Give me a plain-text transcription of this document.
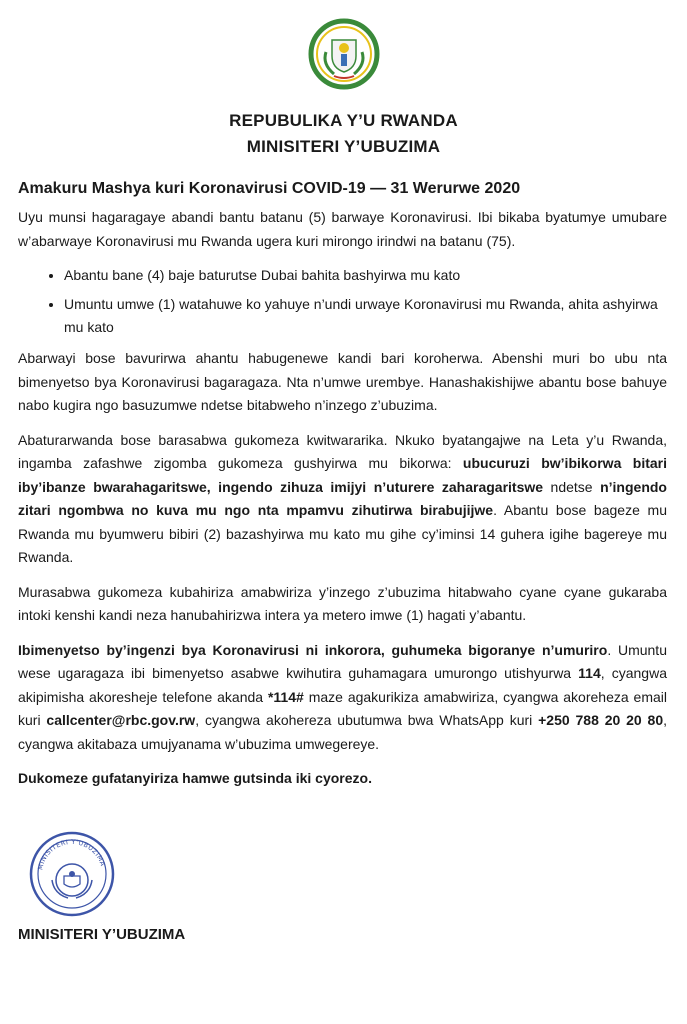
REPUBULIKA Y’U RWANDA
MINISITERI Y’UBUZIMA
Amakuru Mashya kuri Koronavirusi COVID-19 — 31 Werurwe 2020

Uyu munsi hagaragaye abandi bantu batanu (5) barwaye Koronavirusi. Ibi bikaba byatumye umubare w’abarwaye Koronavirusi mu Rwanda ugera kuri mirongo irindwi na batanu (75).

• Abantu bane (4) baje baturutse Dubai bahita bashyirwa mu kato
• Umuntu umwe (1) watahuwe ko yahuye n’undi urwaye Koronavirusi mu Rwanda, ahita ashyirwa mu kato

Abarwayi bose bavurirwa ahantu habugenewe kandi bari koroherwa. Abenshi muri bo ubu nta bimenyetso bya Koronavirusi bagaragaza. Nta n’umwe urembye. Hanashakishijwe abantu bose bahuye nabo kugira ngo basuzumwe ndetse bitabweho n’inzego z’ubuzima.

Abaturarwanda bose barasabwa gukomeza kwitwararika. Nkuko byatangajwe na Leta y’u Rwanda, ingamba zafashwe zigomba gukomeza gushyirwa mu bikorwa: ubucuruzi bw’ibikorwa bitari iby’ibanze bwarahagaritswe, ingendo zihuza imijyi n’uturere zaharagaritswe ndetse n’ingendo zitari ngombwa no kuva mu ngo nta mpamvu zihutirwa birabujijwe. Abantu bose bageze mu Rwanda mu byumweru bibiri (2) bazashyirwa mu kato mu gihe cy’iminsi 14 guhera igihe bagereye mu Rwanda.

Murasabwa gukomeza kubahiriza amabwiriza y’inzego z’ubuzima hitabwaho cyane cyane gukaraba intoki kenshi kandi neza hanubahirizwa intera ya metero imwe (1) hagati y’abantu.

Ibimenyetso by’ingenzi bya Koronavirusi ni inkorora, guhumeka bigoranye n’umuriro. Umuntu wese ugaragaza ibi bimenyetso asabwe kwihutira guhamagara umurongo utishyurwa 114, cyangwa akipimisha akoresheje telefone akanda *114# maze agakurikiza amabwiriza, cyangwa akoreheza email kuri callcenter@rbc.gov.rw, cyangwa akohereza ubutumwa bwa WhatsApp kuri +250 788 20 20 80, cyangwa akitabaza umujyanama w’ubuzima umwegereye.

Dukomeze gufatanyiriza hamwe gutsinda iki cyorezo.
MINISITERI Y'UBUZIMA
MINISITERI Y’UBUZIMA
